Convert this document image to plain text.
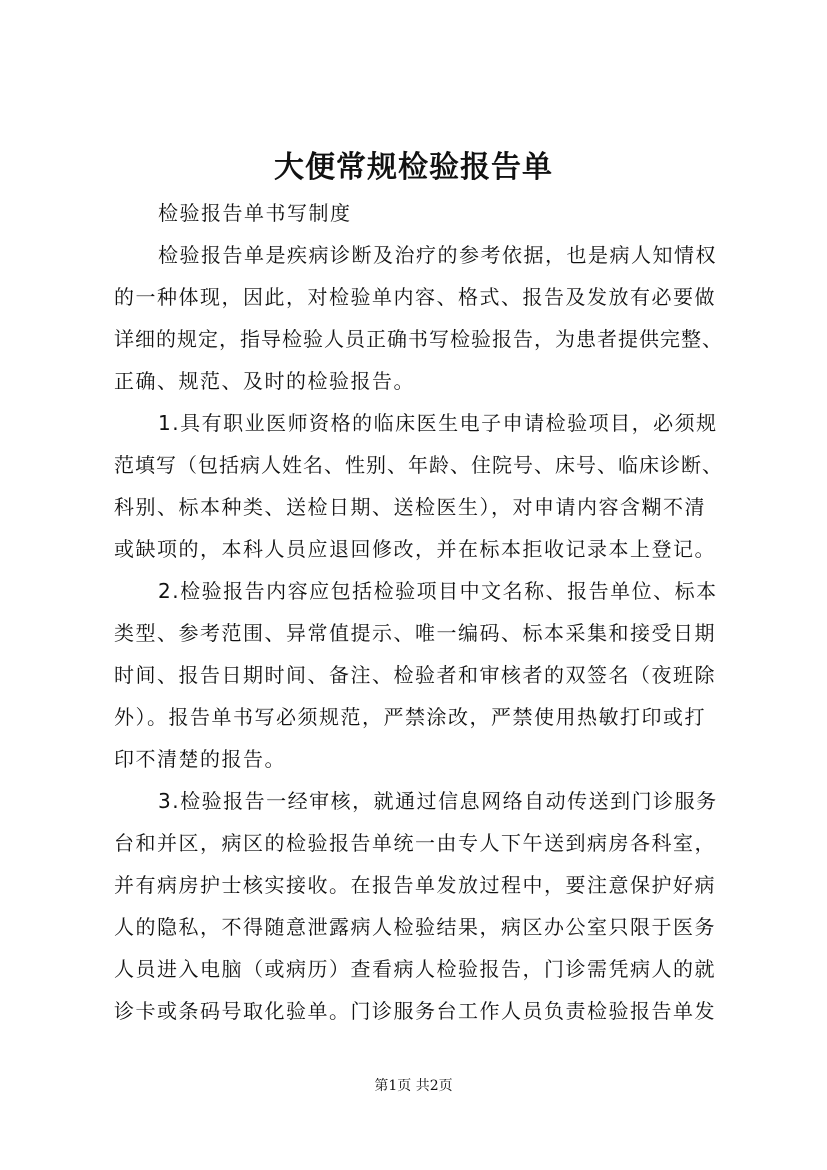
大便常规检验报告单

检验报告单书写制度

检验报告单是疾病诊断及治疗的参考依据，也是病人知情权

的一种体现，因此，对检验单内容、格式、报告及发放有必要做

详细的规定，指导检验人员正确书写检验报告，为患者提供完整、

正确、规范、及时的检验报告。

1.具有职业医师资格的临床医生电子申请检验项目，必须规

范填写（包括病人姓名、性别、年龄、住院号、床号、临床诊断、

科别、标本种类、送检日期、送检医生），对申请内容含糊不清

或缺项的，本科人员应退回修改，并在标本拒收记录本上登记。

2.检验报告内容应包括检验项目中文名称、报告单位、标本

类型、参考范围、异常值提示、唯一编码、标本采集和接受日期

时间、报告日期时间、备注、检验者和审核者的双签名（夜班除

外）。报告单书写必须规范，严禁涂改，严禁使用热敏打印或打

印不清楚的报告。

3.检验报告一经审核，就通过信息网络自动传送到门诊服务

台和并区，病区的检验报告单统一由专人下午送到病房各科室，

并有病房护士核实接收。在报告单发放过程中，要注意保护好病

人的隐私，不得随意泄露病人检验结果，病区办公室只限于医务

人员进入电脑（或病历）查看病人检验报告，门诊需凭病人的就

诊卡或条码号取化验单。门诊服务台工作人员负责检验报告单发

第1页 共2页
